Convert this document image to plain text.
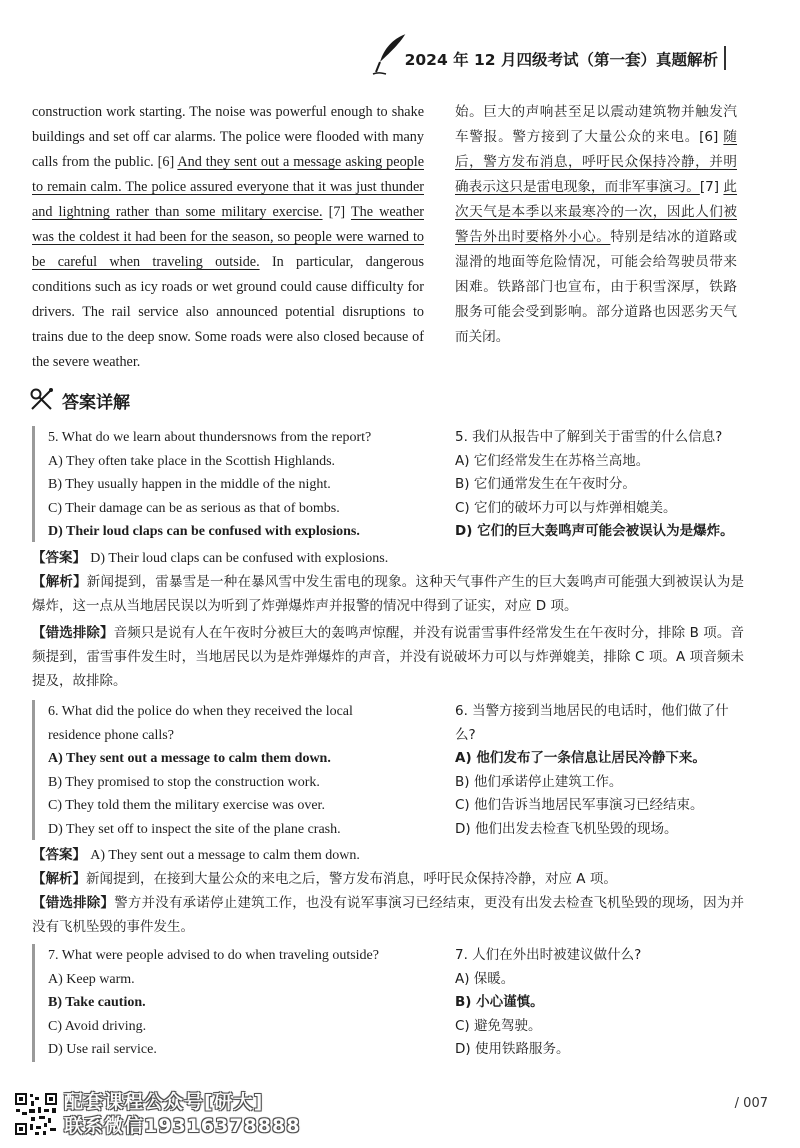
2024 年 12 月四级考试（第一套）真题解析

construction work starting. The noise was powerful enough to shake buildings and set off car alarms. The police were flooded with many calls from the public. [6] And they sent out a message asking people to remain calm. The police assured everyone that it was just thunder and lightning rather than some military exercise. [7] The weather was the coldest it had been for the season, so people were warned to be careful when traveling outside. In particular, dangerous conditions such as icy roads or wet ground could cause difficulty for drivers. The rail service also announced potential disruptions to trains due to the deep snow. Some roads were also closed because of the severe weather.

始。巨大的声响甚至足以震动建筑物并触发汽车警报。警方接到了大量公众的来电。[6] 随后，警方发布消息，呼吁民众保持冷静，并明确表示这只是雷电现象，而非军事演习。[7] 此次天气是本季以来最寒冷的一次，因此人们被警告外出时要格外小心。特别是结冰的道路或湿滑的地面等危险情况，可能会给驾驶员带来困难。铁路部门也宣布，由于积雪深厚，铁路服务可能会受到影响。部分道路也因恶劣天气而关闭。

答案详解
5. What do we learn about thundersnows from the report?
A) They often take place in the Scottish Highlands.
B) They usually happen in the middle of the night.
C) Their damage can be as serious as that of bombs.
D) Their loud claps can be confused with explosions.
5. 我们从报告中了解到关于雷雪的什么信息?
A) 它们经常发生在苏格兰高地。
B) 它们通常发生在午夜时分。
C) 它们的破坏力可以与炸弹相媲美。
D) 它们的巨大轰鸣声可能会被误认为是爆炸。

【答案】 D) Their loud claps can be confused with explosions.

【解析】新闻提到，雷暴雪是一种在暴风雪中发生雷电的现象。这种天气事件产生的巨大轰鸣声可能强大到被误认为是爆炸，这一点从当地居民误以为听到了炸弹爆炸声并报警的情况中得到了证实，对应 D 项。

【错选排除】音频只是说有人在午夜时分被巨大的轰鸣声惊醒，并没有说雷雪事件经常发生在午夜时分，排除 B 项。音频提到，雷雪事件发生时，当地居民以为是炸弹爆炸的声音，并没有说破坏力可以与炸弹媲美，排除 C 项。A 项音频未提及，故排除。

6. What did the police do when they received the local
residence phone calls?
A) They sent out a message to calm them down.
B) They promised to stop the construction work.
C) They told them the military exercise was over.
D) They set off to inspect the site of the plane crash.
6. 当警方接到当地居民的电话时，他们做了什么?
A) 他们发布了一条信息让居民冷静下来。
B) 他们承诺停止建筑工作。
C) 他们告诉当地居民军事演习已经结束。
D) 他们出发去检查飞机坠毁的现场。

【答案】 A) They sent out a message to calm them down.

【解析】新闻提到，在接到大量公众的来电之后，警方发布消息，呼吁民众保持冷静，对应 A 项。

【错选排除】警方并没有承诺停止建筑工作，也没有说军事演习已经结束，更没有出发去检查飞机坠毁的现场，因为并没有飞机坠毁的事件发生。

7. What were people advised to do when traveling outside?
A) Keep warm.
B) Take caution.
C) Avoid driving.
D) Use rail service.
7. 人们在外出时被建议做什么?
A) 保暖。
B) 小心谨慎。
C) 避免驾驶。
D) 使用铁路服务。
配套课程公众号[研大]
联系微信19316378888
/ 007
